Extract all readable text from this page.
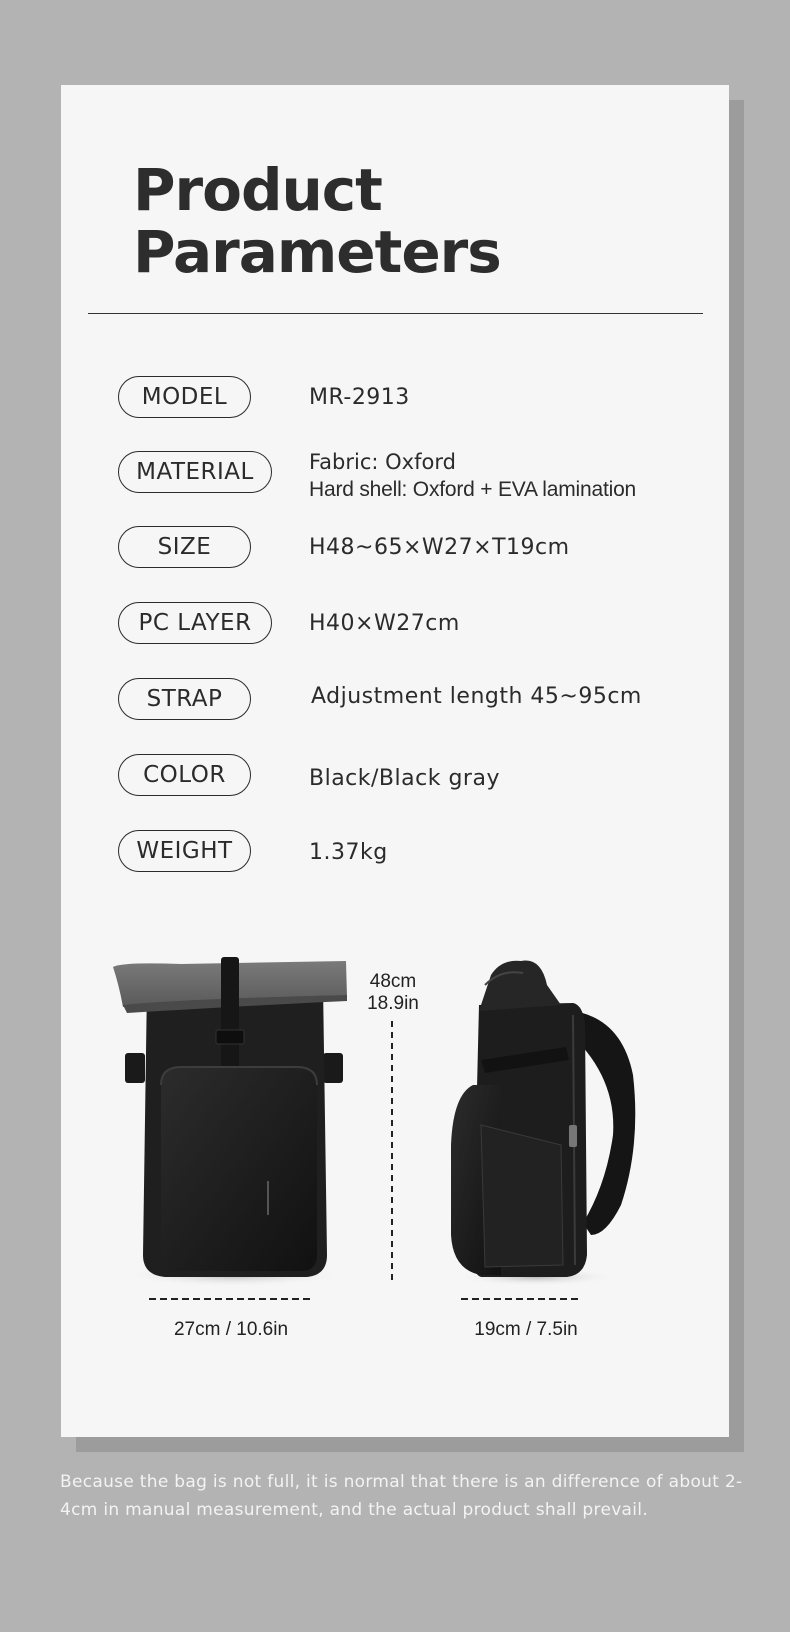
Product
Parameters
MODEL	MR-2913
MATERIAL	Fabric: Oxford
Hard shell: Oxford + EVA lamination
SIZE	H48~65×W27×T19cm
PC LAYER	H40×W27cm
STRAP	Adjustment length 45~95cm
COLOR	Black/Black gray
WEIGHT	1.37kg
48cm
18.9in
27cm / 10.6in	19cm / 7.5in

Because the bag is not full, it is normal that there is an difference of about 2-4cm in manual measurement, and the actual product shall prevail.
